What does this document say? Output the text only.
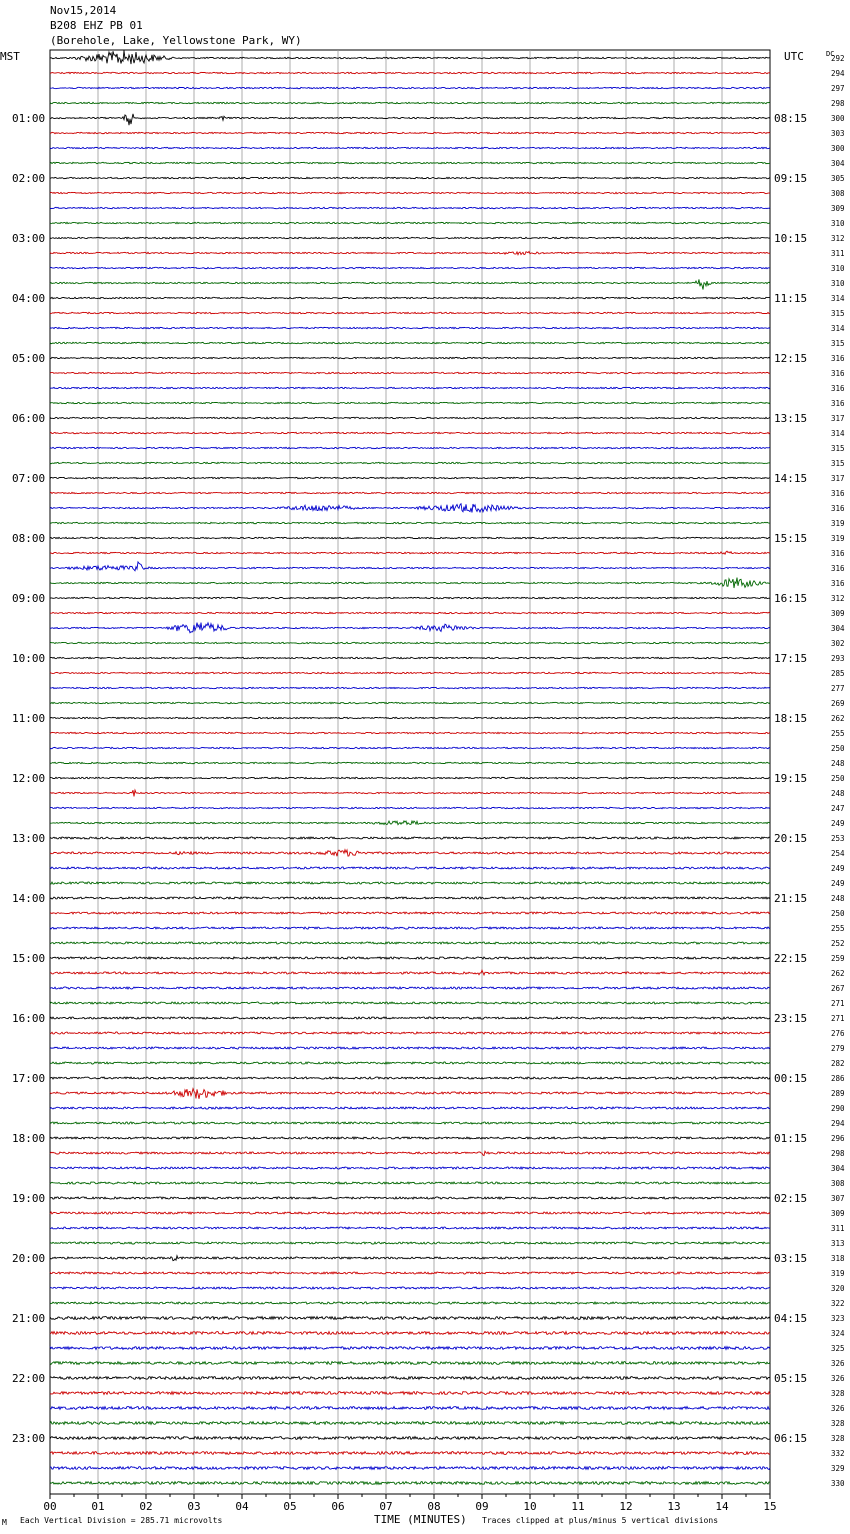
Nov15,2014
B208 EHZ PB 01
(Borehole, Lake, Yellowstone Park, WY)
MST	UTC	DC
00	01	02	03	04	05	06	07	08	09	10	11	12	13	14	15
292
294
297
298
300
303
300
304
305
308
309
310
312
311
310
310
314
315
314
315
316
316
316
316
317
314
315
315
317
316
316
319
319
316
316
316
312
309
304
302
293
285
277
269
262
255
250
248
250
248
247
249
253
254
249
249
248
250
255
252
259
262
267
271
271
276
279
282
286
289
290
294
296
298
304
308
307
309
311
313
318
319
320
322
323
324
325
326
326
328
326
328
328
332
329
330
01:00
02:00
03:00
04:00
05:00
06:00
07:00
08:00
09:00
10:00
11:00
12:00
13:00
14:00
15:00
16:00
17:00
18:00
19:00
20:00
21:00
22:00
23:00
08:15
09:15
10:15
11:15
12:15
13:15
14:15
15:15
16:15
17:15
18:15
19:15
20:15
21:15
22:15
23:15
00:15
01:15
02:15
03:15
04:15
05:15
06:15
M Each Vertical Division = 285.71 microvolts	TIME (MINUTES) Traces clipped at plus/minus 5 vertical divisions
